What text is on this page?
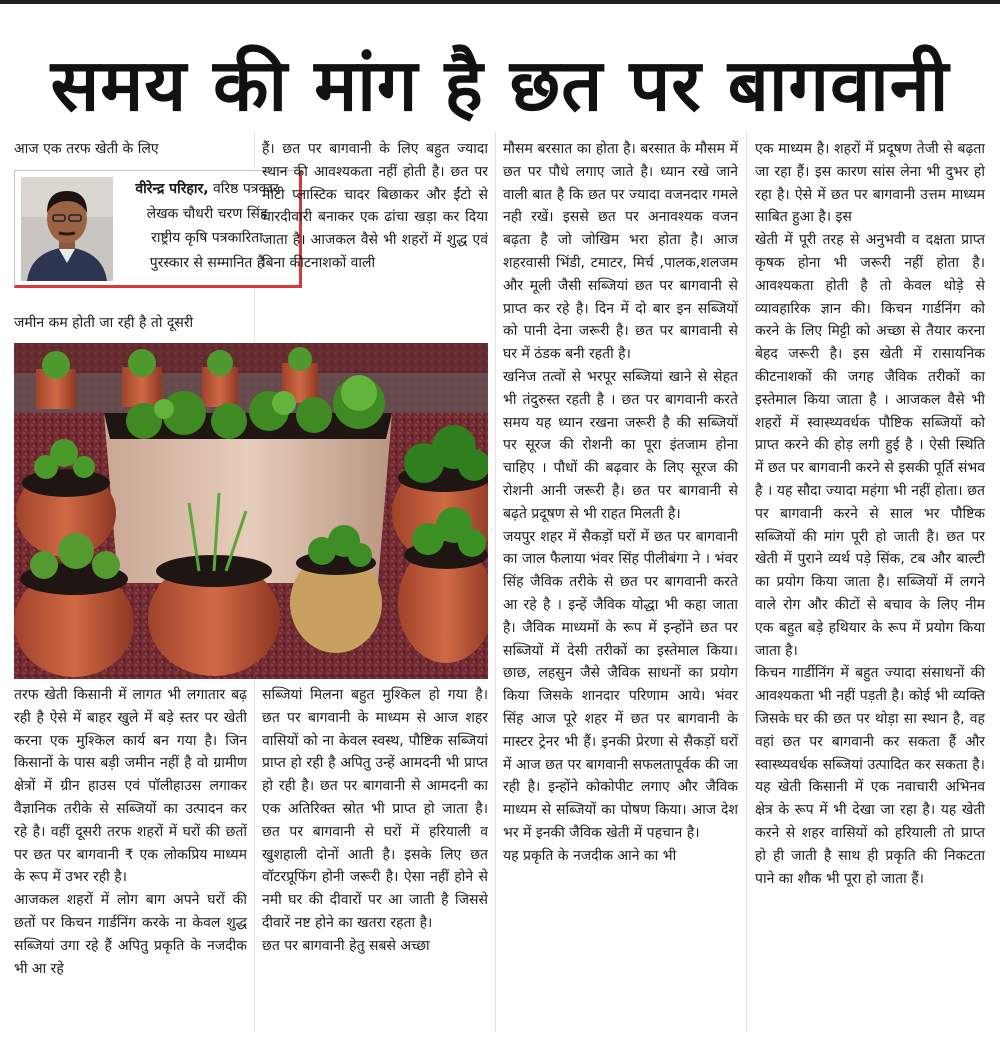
समय की मांग है छत पर बागवानी
आज एक तरफ खेती के लिए
वीरेन्द्र परिहार, वरिष्ठ पत्रकार
लेखक चौधरी चरण सिंह
राष्ट्रीय कृषि पत्रकारिता
पुरस्कार से सम्मानित है
जमीन कम होती जा रही है तो दूसरी
हैं। छत पर बागवानी के लिए बहुत ज्यादा स्थान की आवश्यकता नहीं होती है। छत पर मोटी प्लास्टिक चादर बिछाकर और ईंटो से चारदीवारी बनाकर एक ढांचा खड़ा कर दिया जाता है। आजकल वैसे भी शहरों में शुद्ध एवं बिना कीटनाशकों वाली
तरफ खेती किसानी में लागत भी लगातार बढ़ रही है ऐसे में बाहर खुले में बड़े स्तर पर खेती करना एक मुश्किल कार्य बन गया है। जिन किसानों के पास बड़ी जमीन नहीं है वो ग्रामीण क्षेत्रों में ग्रीन हाउस एवं पॉलीहाउस लगाकर वैज्ञानिक तरीके से सब्जियों का उत्पादन कर रहे है। वहीं दूसरी तरफ शहरों में घरों की छतों पर छत पर बागवानी ₹ एक लोकप्रिय माध्यम के रूप में उभर रही है।
आजकल शहरों में लोग बाग अपने घरों की छतों पर किचन गार्डनिंग करके ना केवल शुद्ध सब्जियां उगा रहे हैं अपितु प्रकृति के नजदीक भी आ रहे
सब्जियां मिलना बहुत मुश्किल हो गया है। छत पर बागवानी के माध्यम से आज शहर वासियों को ना केवल स्वस्थ, पौष्टिक सब्जियां प्राप्त हो रही है अपितु उन्हें आमदनी भी प्राप्त हो रही है। छत पर बागवानी से आमदनी का एक अतिरिक्त स्रोत भी प्राप्त हो जाता है। छत पर बागवानी से घरों में हरियाली व खुशहाली दोनों आती है। इसके लिए छत वॉटरप्रूफिंग होनी जरूरी है। ऐसा नहीं होने से नमी घर की दीवारों पर आ जाती है जिससे दीवारें नष्ट होने का खतरा रहता है।
छत पर बागवानी हेतु सबसे अच्छा
मौसम बरसात का होता है। बरसात के मौसम में छत पर पौधे लगाए जाते है। ध्यान रखे जाने वाली बात है कि छत पर ज्यादा वजनदार गमले नही रखें। इससे छत पर अनावश्यक वजन बढ़ता है जो जोखिम भरा होता है। आज शहरवासी भिंडी, टमाटर, मिर्च ,पालक,शलजम और मूली जैसी सब्जियां छत पर बागवानी से प्राप्त कर रहे है। दिन में दो बार इन सब्जियों को पानी देना जरूरी है। छत पर बागवानी से घर में ठंडक बनी रहती है।
खनिज तत्वों से भरपूर सब्जियां खाने से सेहत भी तंदुरुस्त रहती है । छत पर बागवानी करते समय यह ध्यान रखना जरूरी है की सब्जियों पर सूरज की रोशनी का पूरा इंतजाम होना चाहिए । पौधों की बढ़वार के लिए सूरज की रोशनी आनी जरूरी है। छत पर बागवानी से बढ़ते प्रदूषण से भी राहत मिलती है।
जयपुर शहर में सैकड़ों घरों में छत पर बागवानी का जाल फैलाया भंवर सिंह पीलीबंगा ने । भंवर सिंह जैविक तरीके से छत पर बागवानी करते आ रहे है । इन्हें जैविक योद्धा भी कहा जाता है। जैविक माध्यमों के रूप में इन्होंने छत पर सब्जियों में देसी तरीकों का इस्तेमाल किया। छाछ, लहसुन जैसे जैविक साधनों का प्रयोग किया जिसके शानदार परिणाम आये। भंवर सिंह आज पूरे शहर में छत पर बागवानी के मास्टर ट्रेनर भी हैं। इनकी प्रेरणा से सैकड़ों घरों में आज छत पर बागवानी सफलतापूर्वक की जा रही है। इन्होंने कोकोपीट लगाए और जैविक माध्यम से सब्जियों का पोषण किया। आज देश भर में इनकी जैविक खेती में पहचान है।
यह प्रकृति के नजदीक आने का भी
एक माध्यम है। शहरों में प्रदूषण तेजी से बढ़ता जा रहा हैं। इस कारण सांस लेना भी दुभर हो रहा है। ऐसे में छत पर बागवानी उत्तम माध्यम साबित हुआ है। इस
खेती में पूरी तरह से अनुभवी व दक्षता प्राप्त कृषक होना भी जरूरी नहीं होता है। आवश्यकता होती है तो केवल थोड़े से व्यावहारिक ज्ञान की। किचन गार्डनिंग को करने के लिए मिट्टी को अच्छा से तैयार करना बेहद जरूरी है। इस खेती में रासायनिक कीटनाशकों की जगह जैविक तरीकों का इस्तेमाल किया जाता है । आजकल वैसे भी शहरों में स्वास्थ्यवर्धक पौष्टिक सब्जियों को प्राप्त करने की होड़ लगी हुई है । ऐसी स्थिति में छत पर बागवानी करने से इसकी पूर्ति संभव है । यह सौदा ज्यादा महंगा भी नहीं होता। छत पर बागवानी करने से साल भर पौष्टिक सब्जियों की मांग पूरी हो जाती है। छत पर खेती में पुराने व्यर्थ पड़े सिंक, टब और बाल्टी का प्रयोग किया जाता है। सब्जियों में लगने वाले रोग और कीटों से बचाव के लिए नीम एक बहुत बड़े हथियार के रूप में प्रयोग किया जाता है।
किचन गार्डीनिंग में बहुत ज्यादा संसाधनों की आवश्यकता भी नहीं पड़ती है। कोई भी व्यक्ति जिसके घर की छत पर थोड़ा सा स्थान है, वह वहां छत पर बागवानी कर सकता हैं और स्वास्थ्यवर्धक सब्जियां उत्पादित कर सकता है। यह खेती किसानी में एक नवाचारी अभिनव क्षेत्र के रूप में भी देखा जा रहा है। यह खेती करने से शहर वासियों को हरियाली तो प्राप्त हो ही जाती है साथ ही प्रकृति की निकटता पाने का शौक भी पूरा हो जाता हैं।
